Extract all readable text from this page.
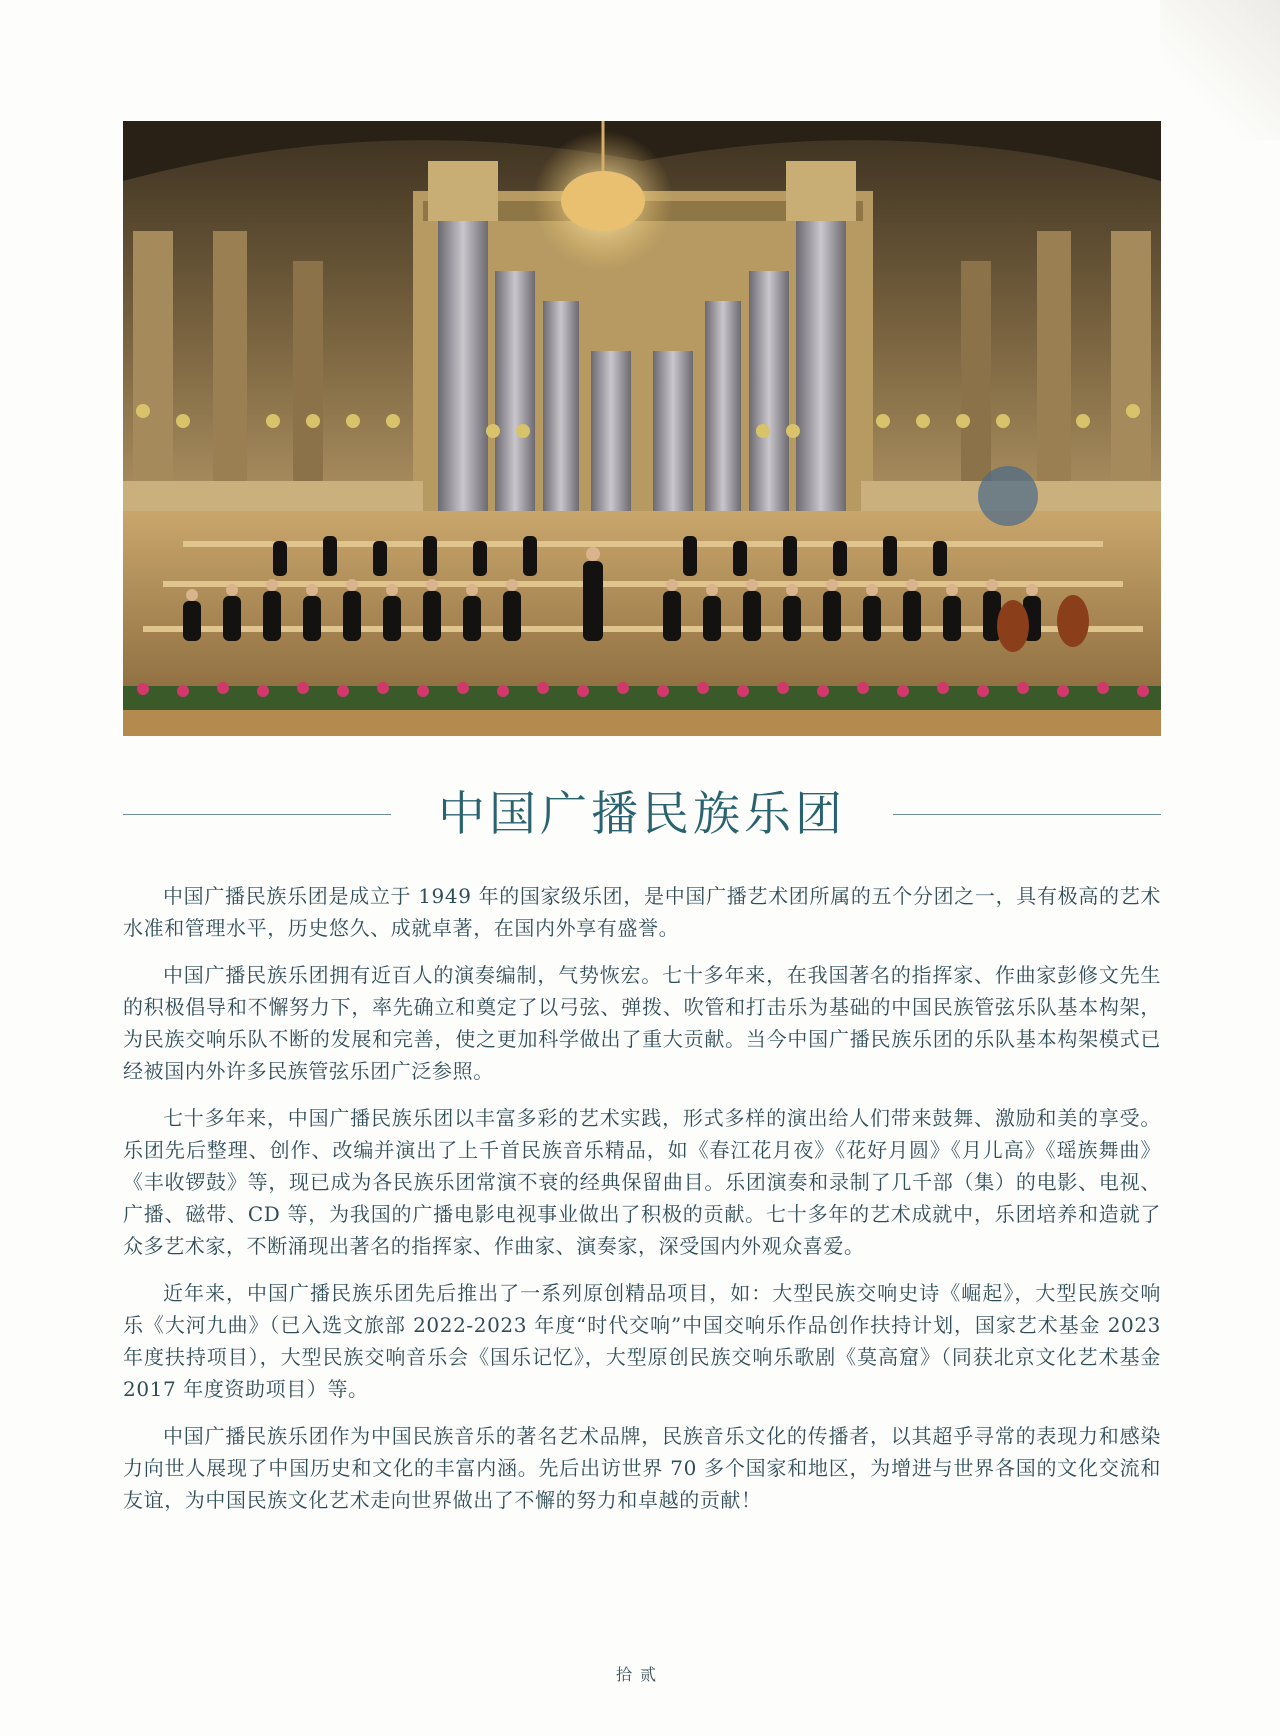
中国广播民族乐团

中国广播民族乐团是成立于 1949 年的国家级乐团，是中国广播艺术团所属的五个分团之一，具有极高的艺术水准和管理水平，历史悠久、成就卓著，在国内外享有盛誉。

中国广播民族乐团拥有近百人的演奏编制，气势恢宏。七十多年来，在我国著名的指挥家、作曲家彭修文先生的积极倡导和不懈努力下，率先确立和奠定了以弓弦、弹拨、吹管和打击乐为基础的中国民族管弦乐队基本构架，为民族交响乐队不断的发展和完善，使之更加科学做出了重大贡献。当今中国广播民族乐团的乐队基本构架模式已经被国内外许多民族管弦乐团广泛参照。

七十多年来，中国广播民族乐团以丰富多彩的艺术实践，形式多样的演出给人们带来鼓舞、激励和美的享受。乐团先后整理、创作、改编并演出了上千首民族音乐精品，如《春江花月夜》《花好月圆》《月儿高》《瑶族舞曲》《丰收锣鼓》等，现已成为各民族乐团常演不衰的经典保留曲目。乐团演奏和录制了几千部（集）的电影、电视、广播、磁带、CD 等，为我国的广播电影电视事业做出了积极的贡献。七十多年的艺术成就中，乐团培养和造就了众多艺术家，不断涌现出著名的指挥家、作曲家、演奏家，深受国内外观众喜爱。

近年来，中国广播民族乐团先后推出了一系列原创精品项目，如：大型民族交响史诗《崛起》，大型民族交响乐《大河九曲》（已入选文旅部 2022-2023 年度“时代交响”中国交响乐作品创作扶持计划，国家艺术基金 2023 年度扶持项目），大型民族交响音乐会《国乐记忆》，大型原创民族交响乐歌剧《莫高窟》（同获北京文化艺术基金 2017 年度资助项目）等。

中国广播民族乐团作为中国民族音乐的著名艺术品牌，民族音乐文化的传播者，以其超乎寻常的表现力和感染力向世人展现了中国历史和文化的丰富内涵。先后出访世界 70 多个国家和地区，为增进与世界各国的文化交流和友谊，为中国民族文化艺术走向世界做出了不懈的努力和卓越的贡献！

拾贰
